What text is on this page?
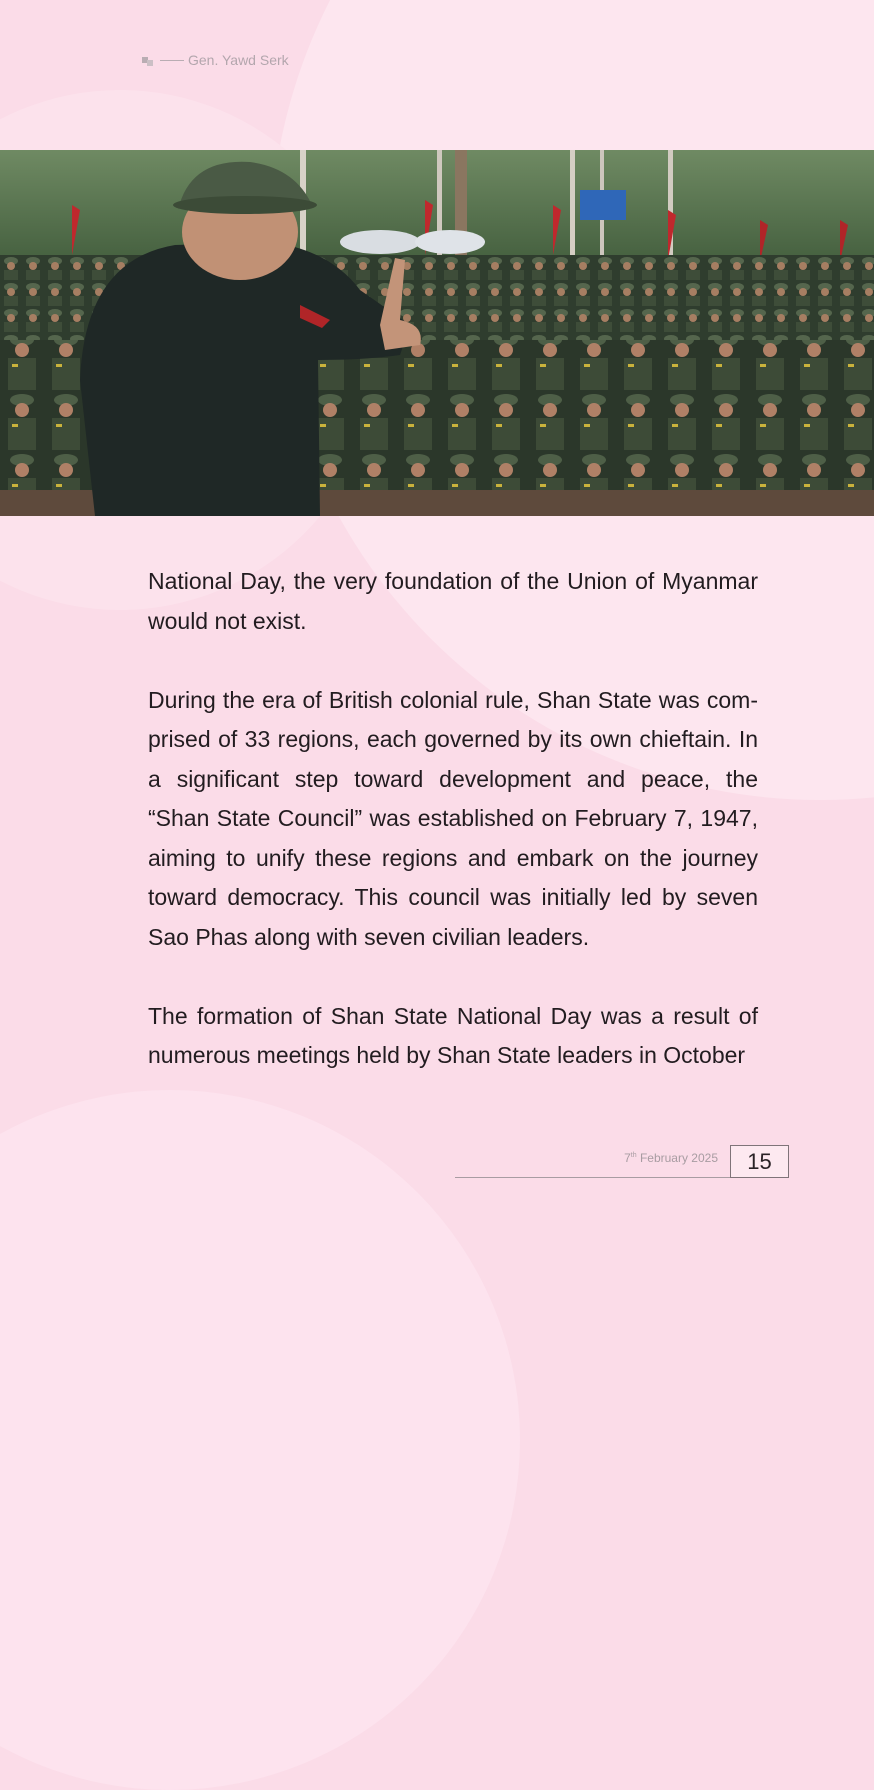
Gen. Yawd Serk

National Day, the very foundation of the Union of Myanmar would not exist.

During the era of British colonial rule, Shan State was com-prised of 33 regions, each governed by its own chieftain. In a significant step toward development and peace, the “Shan State Council” was established on February 7, 1947, aiming to unify these regions and embark on the journey toward democracy. This council was initially led by seven Sao Phas along with seven civilian leaders.

The formation of Shan State National Day was a result of numerous meetings held by Shan State leaders in October

7th February 2025	15
